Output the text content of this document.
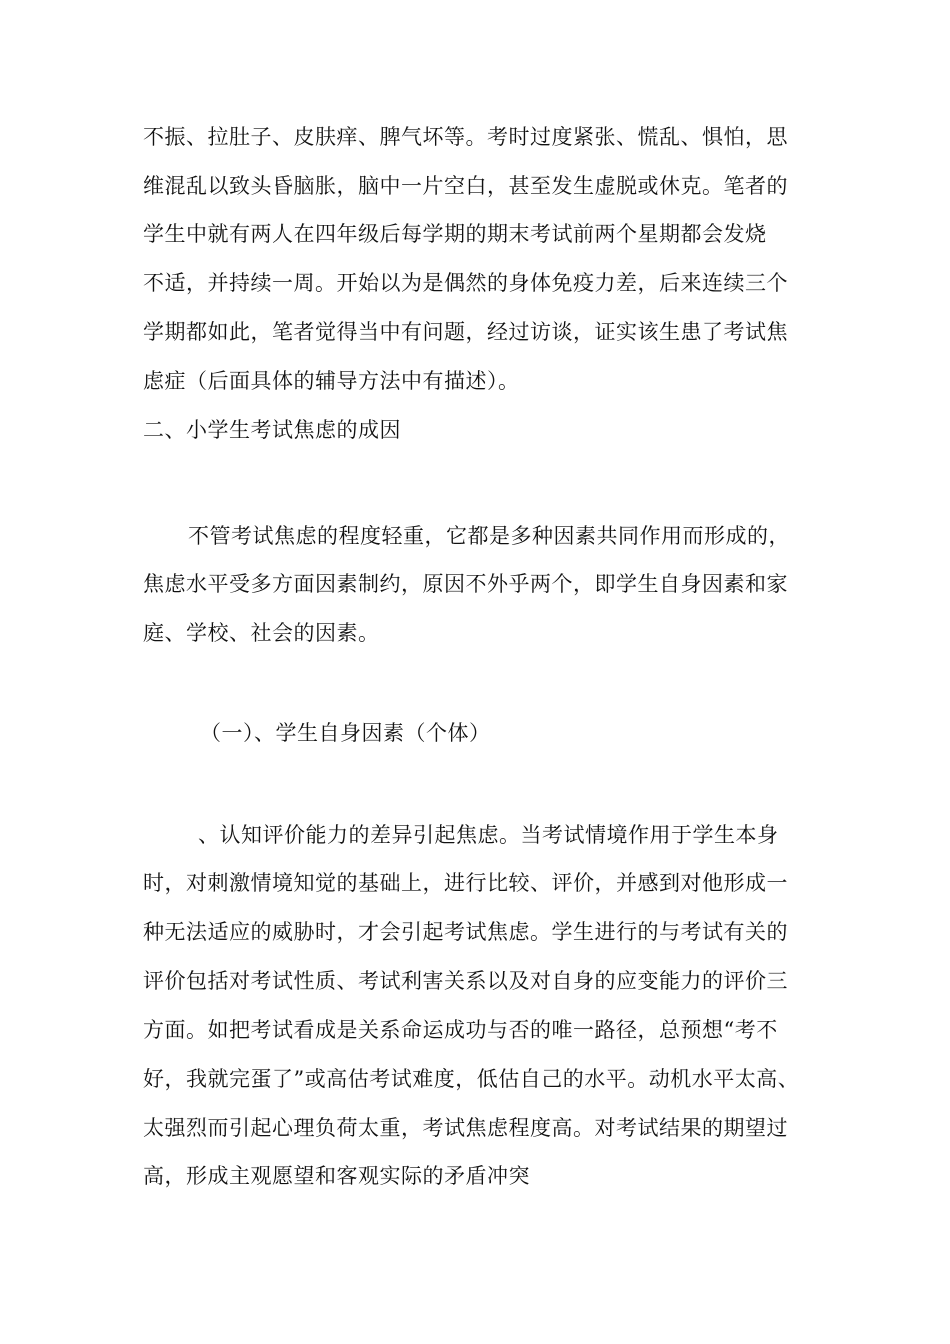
不振、拉肚子、皮肤痒、脾气坏等。考时过度紧张、慌乱、惧怕，思
维混乱以致头昏脑胀，脑中一片空白，甚至发生虚脱或休克。笔者的
学生中就有两人在四年级后每学期的期末考试前两个星期都会发烧
不适，并持续一周。开始以为是偶然的身体免疫力差，后来连续三个
学期都如此，笔者觉得当中有问题，经过访谈，证实该生患了考试焦
虑症（后面具体的辅导方法中有描述）。
二、小学生考试焦虑的成因
不管考试焦虑的程度轻重，它都是多种因素共同作用而形成的，
焦虑水平受多方面因素制约，原因不外乎两个，即学生自身因素和家
庭、学校、社会的因素。
（一）、学生自身因素（个体）
、认知评价能力的差异引起焦虑。当考试情境作用于学生本身
时，对刺激情境知觉的基础上，进行比较、评价，并感到对他形成一
种无法适应的威胁时，才会引起考试焦虑。学生进行的与考试有关的
评价包括对考试性质、考试利害关系以及对自身的应变能力的评价三
方面。如把考试看成是关系命运成功与否的唯一路径，总预想“考不
好，我就完蛋了”或高估考试难度，低估自己的水平。动机水平太高、
太强烈而引起心理负荷太重，考试焦虑程度高。对考试结果的期望过
高，形成主观愿望和客观实际的矛盾冲突
